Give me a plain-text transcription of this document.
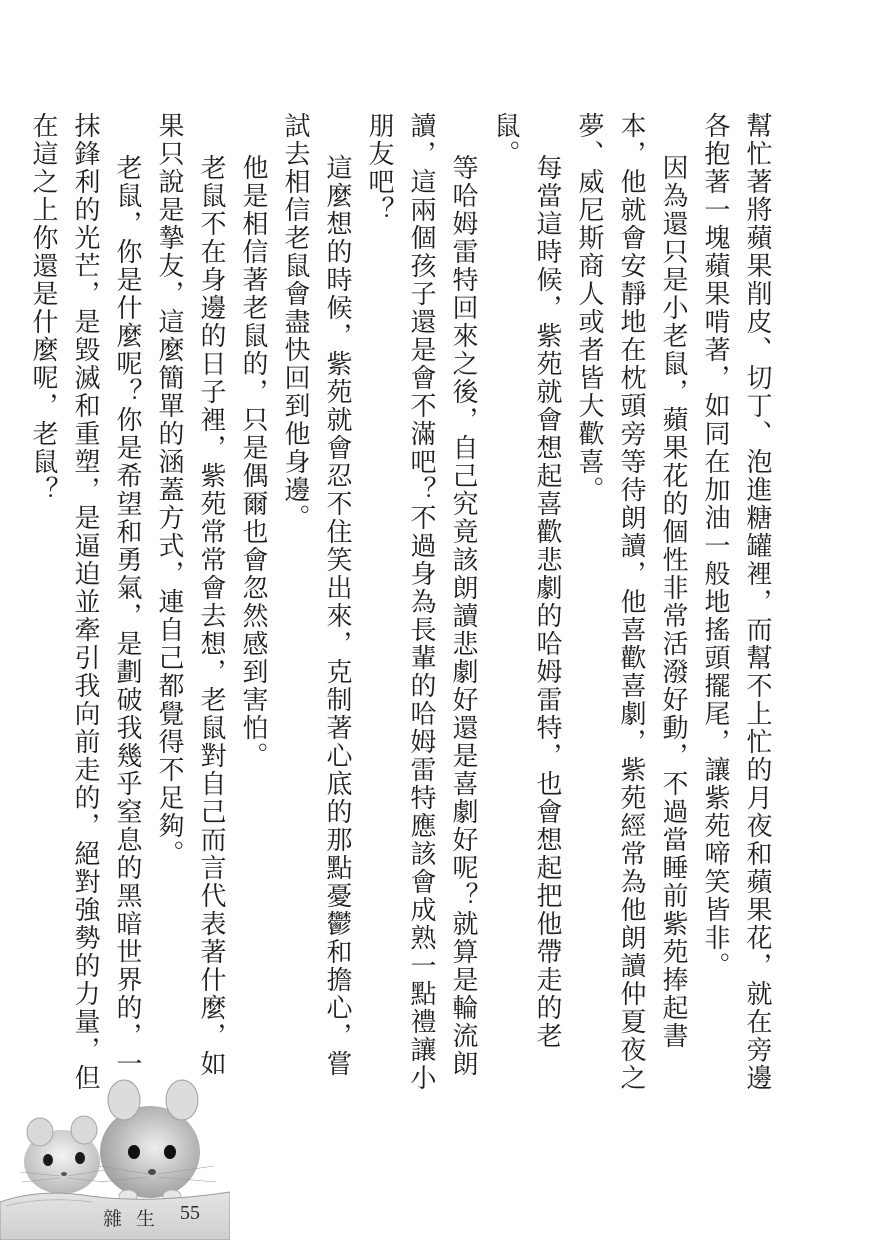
幫忙著將蘋果削皮、切丁、泡進糖罐裡，而幫不上忙的月夜和蘋果花，就在旁邊各抱著一塊蘋果啃著，如同在加油一般地搖頭擺尾，讓紫苑啼笑皆非。

因為還只是小老鼠，蘋果花的個性非常活潑好動，不過當睡前紫苑捧起書本，他就會安靜地在枕頭旁等待朗讀，他喜歡喜劇，紫苑經常為他朗讀仲夏夜之夢、威尼斯商人或者皆大歡喜。

每當這時候，紫苑就會想起喜歡悲劇的哈姆雷特，也會想起把他帶走的老鼠。

等哈姆雷特回來之後，自己究竟該朗讀悲劇好還是喜劇好呢？就算是輪流朗讀，這兩個孩子還是會不滿吧？不過身為長輩的哈姆雷特應該會成熟一點禮讓小朋友吧？

這麼想的時候，紫苑就會忍不住笑出來，克制著心底的那點憂鬱和擔心，嘗試去相信老鼠會盡快回到他身邊。

他是相信著老鼠的，只是偶爾也會忽然感到害怕。

老鼠不在身邊的日子裡，紫苑常常會去想，老鼠對自己而言代表著什麼，如果只說是摯友，這麼簡單的涵蓋方式，連自己都覺得不足夠。

老鼠，你是什麼呢？你是希望和勇氣，是劃破我幾乎窒息的黑暗世界的，一抹鋒利的光芒，是毀滅和重塑，是逼迫並牽引我向前走的，絕對強勢的力量，但在這之上你還是什麼呢，老鼠？

雜 生 55
